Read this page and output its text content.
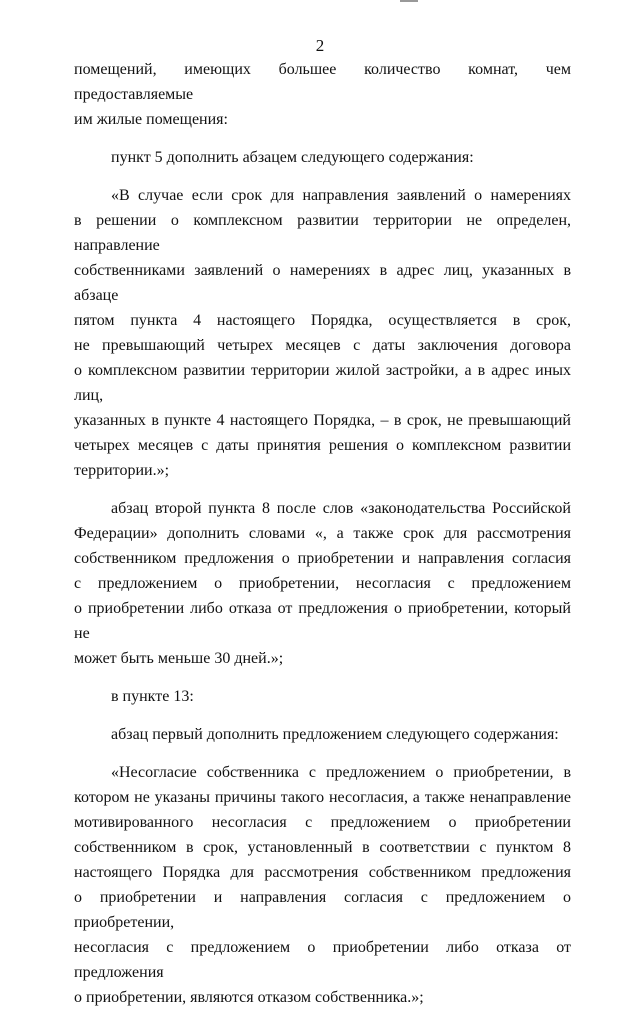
2
помещений, имеющих большее количество комнат, чем предоставляемые
им жилые помещения:
пункт 5 дополнить абзацем следующего содержания:
«В случае если срок для направления заявлений о намерениях
в решении о комплексном развитии территории не определен, направление
собственниками заявлений о намерениях в адрес лиц, указанных в абзаце
пятом пункта 4 настоящего Порядка, осуществляется в срок,
не превышающий четырех месяцев с даты заключения договора
о комплексном развитии территории жилой застройки, а в адрес иных лиц,
указанных в пункте 4 настоящего Порядка, – в срок, не превышающий
четырех месяцев с даты принятия решения о комплексном развитии
территории.»;
абзац второй пункта 8 после слов «законодательства Российской
Федерации» дополнить словами «, а также срок для рассмотрения
собственником предложения о приобретении и направления согласия
с предложением о приобретении, несогласия с предложением
о приобретении либо отказа от предложения о приобретении, который не
может быть меньше 30 дней.»;
в пункте 13:
абзац первый дополнить предложением следующего содержания:
«Несогласие собственника с предложением о приобретении, в
котором не указаны причины такого несогласия, а также ненаправление
мотивированного несогласия с предложением о приобретении
собственником в срок, установленный в соответствии с пунктом 8
настоящего Порядка для рассмотрения собственником предложения
о приобретении и направления согласия с предложением о приобретении,
несогласия с предложением о приобретении либо отказа от предложения
о приобретении, являются отказом собственника.»;
